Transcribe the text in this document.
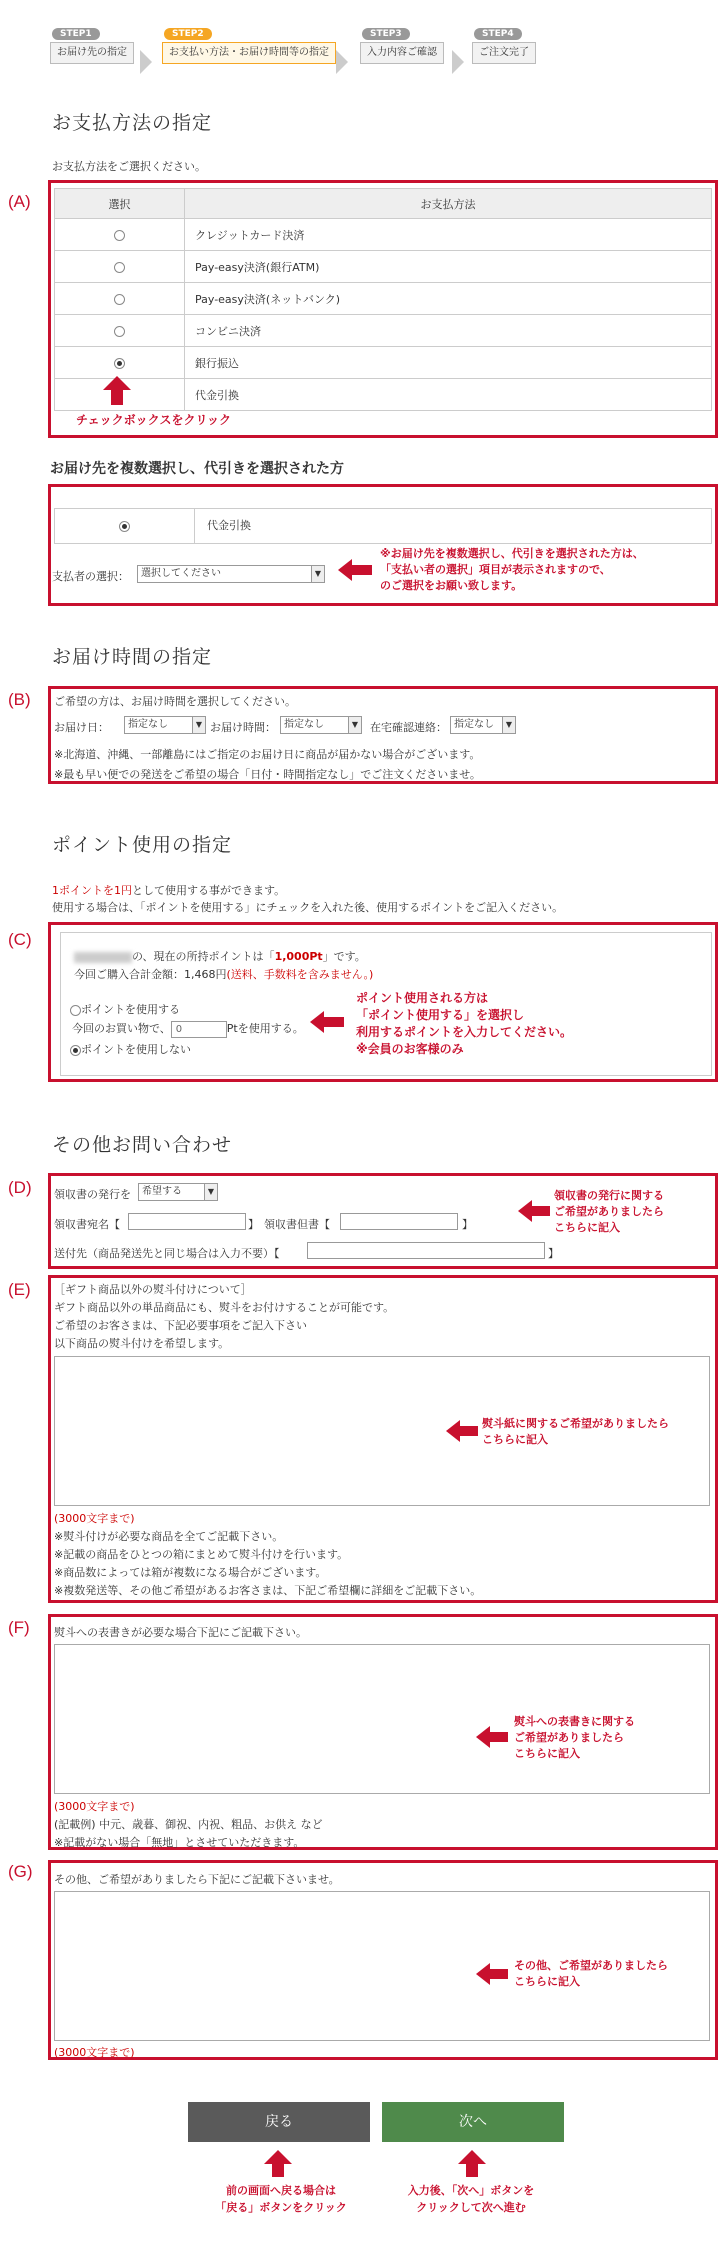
STEP1
お届け先の指定
STEP2
お支払い方法・お届け時間等の指定
STEP3
入力内容ご確認
STEP4
ご注文完了
お支払方法の指定
お支払方法をご選択ください。
(A)	選択	お支払方法
	クレジットカード決済
	Pay-easy決済(銀行ATM)
	Pay-easy決済(ネットバンク)
	コンビニ決済
	銀行振込
	代金引換
チェックボックスをクリック
お届け先を複数選択し、代引きを選択された方
代金引換
支払者の選択：	選択してください	▼
※お届け先を複数選択し、代引きを選択された方は、
「支払い者の選択」項目が表示されますので、
のご選択をお願い致します。
お届け時間の指定
(B) ご希望の方は、お届け時間を選択してください。
お届け日：	指定なし	▼ お届け時間： 指定なし	▼ 在宅確認連絡： 指定なし	▼
※北海道、沖縄、一部離島にはご指定のお届け日に商品が届かない場合がございます。
※最も早い便での発送をご希望の場合「日付・時間指定なし」でご注文くださいませ。
ポイント使用の指定
1ポイントを1円として使用する事ができます。
使用する場合は、「ポイントを使用する」にチェックを入れた後、使用するポイントをご記入ください。
(C)
の、現在の所持ポイントは「1,000Pt」です。
今回ご購入合計金額：1,468円(送料、手数料を含みません。)
ポイントを使用する
今回のお買い物で、 0	Ptを使用する。
ポイントを使用しない
ポイント使用される方は
「ポイント使用する」を選択し
利用するポイントを入力してください。
※会員のお客様のみ
その他お問い合わせ
(D) 領収書の発行を	希望する	▼
領収書宛名【	】 領収書但書【	】
送付先（商品発送先と同じ場合は入力不要）【	】
領収書の発行に関する
ご希望がありましたら
こちらに記入
(E) ［ギフト商品以外の熨斗付けについて］
ギフト商品以外の単品商品にも、熨斗をお付けすることが可能です。
ご希望のお客さまは、下記必要事項をご記入下さい
以下商品の熨斗付けを希望します。
熨斗紙に関するご希望がありましたら
こちらに記入
(3000文字まで)
※熨斗付けが必要な商品を全てご記載下さい。
※記載の商品をひとつの箱にまとめて熨斗付けを行います。
※商品数によっては箱が複数になる場合がございます。
※複数発送等、その他ご希望があるお客さまは、下記ご希望欄に詳細をご記載下さい。
(F) 熨斗への表書きが必要な場合下記にご記載下さい。
熨斗への表書きに関する
ご希望がありましたら
こちらに記入
(3000文字まで)
(記載例) 中元、歳暮、御祝、内祝、粗品、お供え など
※記載がない場合「無地」とさせていただきます。
(G) その他、ご希望がありましたら下記にご記載下さいませ。
その他、ご希望がありましたら
こちらに記入
(3000文字まで)
戻る	次へ
前の画面へ戻る場合は
「戻る」ボタンをクリック
入力後、「次へ」ボタンを
クリックして次へ進む
